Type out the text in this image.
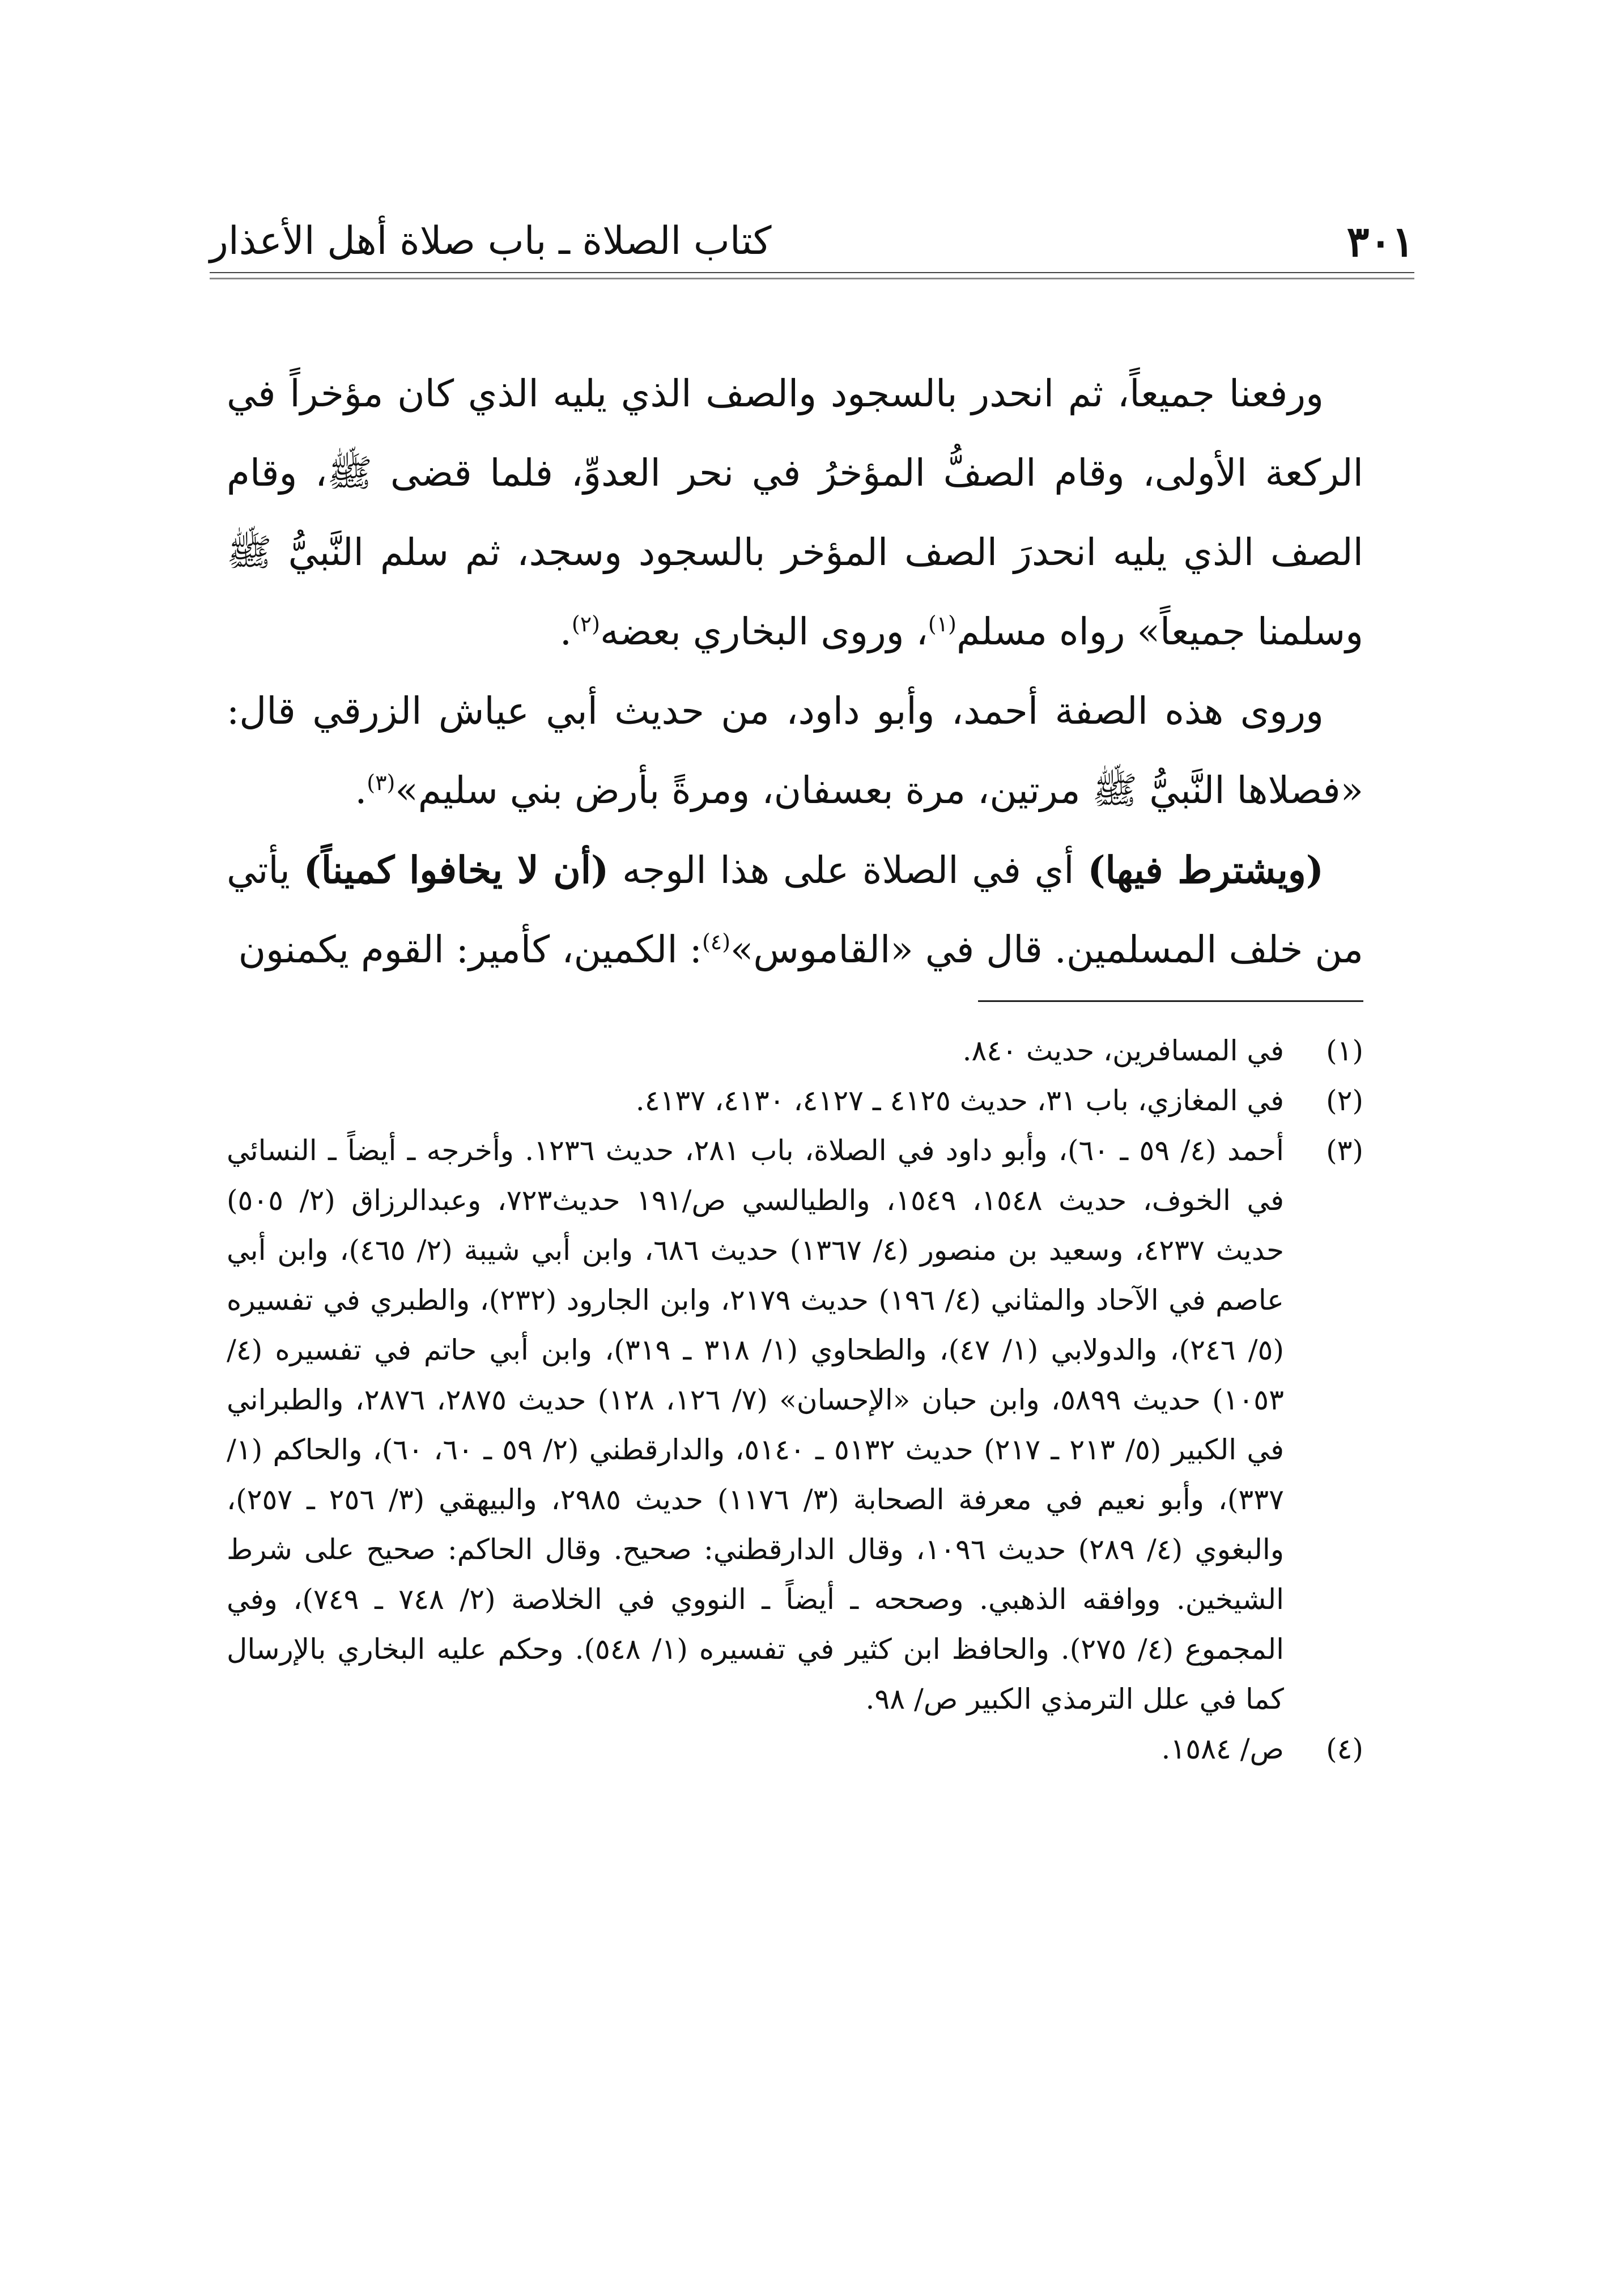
٣٠١
كتاب الصلاة ـ باب صلاة أهل الأعذار

ورفعنا جميعاً، ثم انحدر بالسجود والصف الذي يليه الذي كان مؤخراً في الركعة الأولى، وقام الصفُّ المؤخرُ في نحر العدوِّ، فلما قضى ﷺ، وقام الصف الذي يليه انحدرَ الصف المؤخر بالسجود وسجد، ثم سلم النَّبيُّ ﷺ وسلمنا جميعاً» رواه مسلم$^{(١)}$، وروى البخاري بعضه$^{(٢)}$.

وروى هذه الصفة أحمد، وأبو داود، من حديث أبي عياش الزرقي قال: «فصلاها النَّبيُّ ﷺ مرتين، مرة بعسفان، ومرةً بأرض بني سليم»$^{(٣)}$.

(ويشترط فيها) أي في الصلاة على هذا الوجه (أن لا يخافوا كميناً) يأتي من خلف المسلمين. قال في «القاموس»$^{(٤)}$: الكمين، كأمير: القوم يكمنون

(١)
في المسافرين، حديث ٨٤٠.
(٢)
في المغازي، باب ٣١، حديث ٤١٢٥ ـ ٤١٢٧، ٤١٣٠، ٤١٣٧.
(٣)
أحمد (٤/ ٥٩ ـ ٦٠)، وأبو داود في الصلاة، باب ٢٨١، حديث ١٢٣٦. وأخرجه ـ أيضاً ـ النسائي في الخوف، حديث ١٥٤٨، ١٥٤٩، والطيالسي ص/١٩١ حديث٧٢٣، وعبدالرزاق (٢/ ٥٠٥) حديث ٤٢٣٧، وسعيد بن منصور (٤/ ١٣٦٧) حديث ٦٨٦، وابن أبي شيبة (٢/ ٤٦٥)، وابن أبي عاصم في الآحاد والمثاني (٤/ ١٩٦) حديث ٢١٧٩، وابن الجارود (٢٣٢)، والطبري في تفسيره (٥/ ٢٤٦)، والدولابي (١/ ٤٧)، والطحاوي (١/ ٣١٨ ـ ٣١٩)، وابن أبي حاتم في تفسيره (٤/ ١٠٥٣) حديث ٥٨٩٩، وابن حبان «الإحسان» (٧/ ١٢٦، ١٢٨) حديث ٢٨٧٥، ٢٨٧٦، والطبراني في الكبير (٥/ ٢١٣ ـ ٢١٧) حديث ٥١٣٢ ـ ٥١٤٠، والدارقطني (٢/ ٥٩ ـ ٦٠، ٦٠)، والحاكم (١/ ٣٣٧)، وأبو نعيم في معرفة الصحابة (٣/ ١١٧٦) حديث ٢٩٨٥، والبيهقي (٣/ ٢٥٦ ـ ٢٥٧)، والبغوي (٤/ ٢٨٩) حديث ١٠٩٦، وقال الدارقطني: صحيح. وقال الحاكم: صحيح على شرط الشيخين. ووافقه الذهبي. وصححه ـ أيضاً ـ النووي في الخلاصة (٢/ ٧٤٨ ـ ٧٤٩)، وفي المجموع (٤/ ٢٧٥). والحافظ ابن كثير في تفسيره (١/ ٥٤٨). وحكم عليه البخاري بالإرسال كما في علل الترمذي الكبير ص/ ٩٨.
(٤)
ص/ ١٥٨٤.
